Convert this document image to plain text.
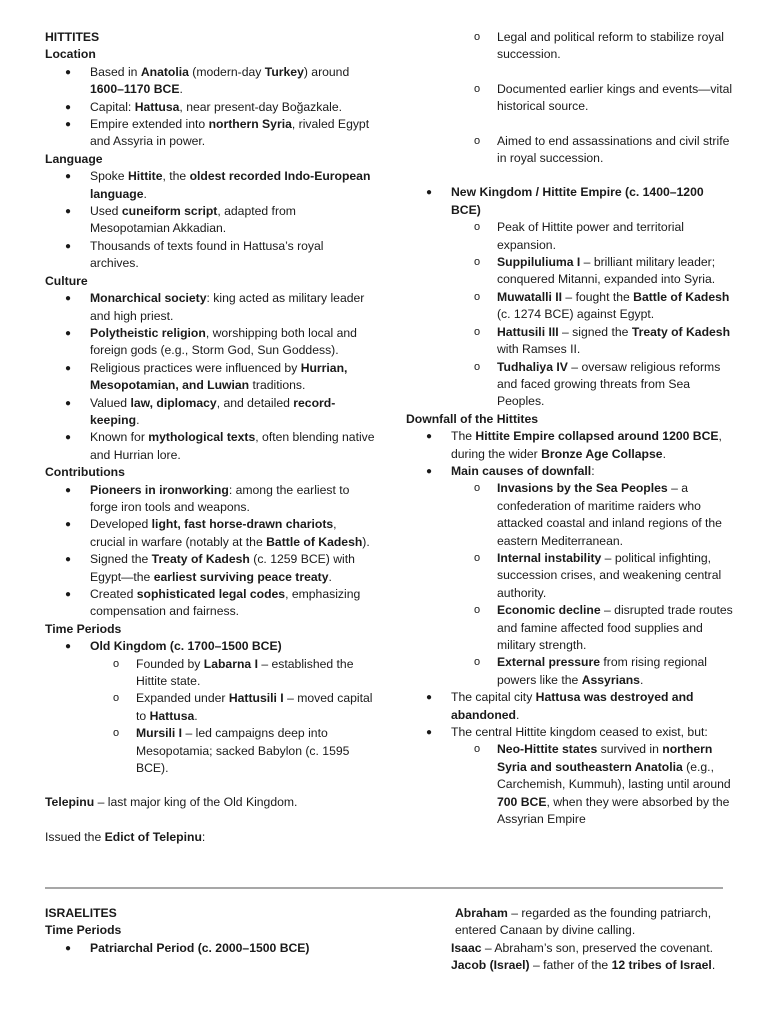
HITTITES
Location
● Based in Anatolia (modern-day Turkey) around 1600–1170 BCE.
● Capital: Hattusa, near present-day Boğazkale.
● Empire extended into northern Syria, rivaled Egypt and Assyria in power.
Language
● Spoke Hittite, the oldest recorded Indo-European language.
● Used cuneiform script, adapted from Mesopotamian Akkadian.
● Thousands of texts found in Hattusa’s royal archives.
Culture
● Monarchical society: king acted as military leader and high priest.
● Polytheistic religion, worshipping both local and foreign gods (e.g., Storm God, Sun Goddess).
● Religious practices were influenced by Hurrian, Mesopotamian, and Luwian traditions.
● Valued law, diplomacy, and detailed record-keeping.
● Known for mythological texts, often blending native and Hurrian lore.
Contributions
● Pioneers in ironworking: among the earliest to forge iron tools and weapons.
● Developed light, fast horse-drawn chariots, crucial in warfare (notably at the Battle of Kadesh).
● Signed the Treaty of Kadesh (c. 1259 BCE) with Egypt—the earliest surviving peace treaty.
● Created sophisticated legal codes, emphasizing compensation and fairness.
Time Periods
● Old Kingdom (c. 1700–1500 BCE)
o Founded by Labarna I – established the Hittite state.
o Expanded under Hattusili I – moved capital to Hattusa.
o Mursili I – led campaigns deep into Mesopotamia; sacked Babylon (c. 1595 BCE).
Telepinu – last major king of the Old Kingdom.
Issued the Edict of Telepinu:
o Legal and political reform to stabilize royal succession.
o Documented earlier kings and events—vital historical source.
o Aimed to end assassinations and civil strife in royal succession.
● New Kingdom / Hittite Empire (c. 1400–1200 BCE)
o Peak of Hittite power and territorial expansion.
o Suppiluliuma I – brilliant military leader; conquered Mitanni, expanded into Syria.
o Muwatalli II – fought the Battle of Kadesh (c. 1274 BCE) against Egypt.
o Hattusili III – signed the Treaty of Kadesh with Ramses II.
o Tudhaliya IV – oversaw religious reforms and faced growing threats from Sea Peoples.
Downfall of the Hittites
● The Hittite Empire collapsed around 1200 BCE, during the wider Bronze Age Collapse.
● Main causes of downfall:
o Invasions by the Sea Peoples – a confederation of maritime raiders who attacked coastal and inland regions of the eastern Mediterranean.
o Internal instability – political infighting, succession crises, and weakening central authority.
o Economic decline – disrupted trade routes and famine affected food supplies and military strength.
o External pressure from rising regional powers like the Assyrians.
● The capital city Hattusa was destroyed and abandoned.
● The central Hittite kingdom ceased to exist, but:
o Neo-Hittite states survived in northern Syria and southeastern Anatolia (e.g., Carchemish, Kummuh), lasting until around 700 BCE, when they were absorbed by the Assyrian Empire
ISRAELITES
Time Periods
● Patriarchal Period (c. 2000–1500 BCE)
Abraham – regarded as the founding patriarch, entered Canaan by divine calling.
Isaac – Abraham’s son, preserved the covenant.
Jacob (Israel) – father of the 12 tribes of Israel.
